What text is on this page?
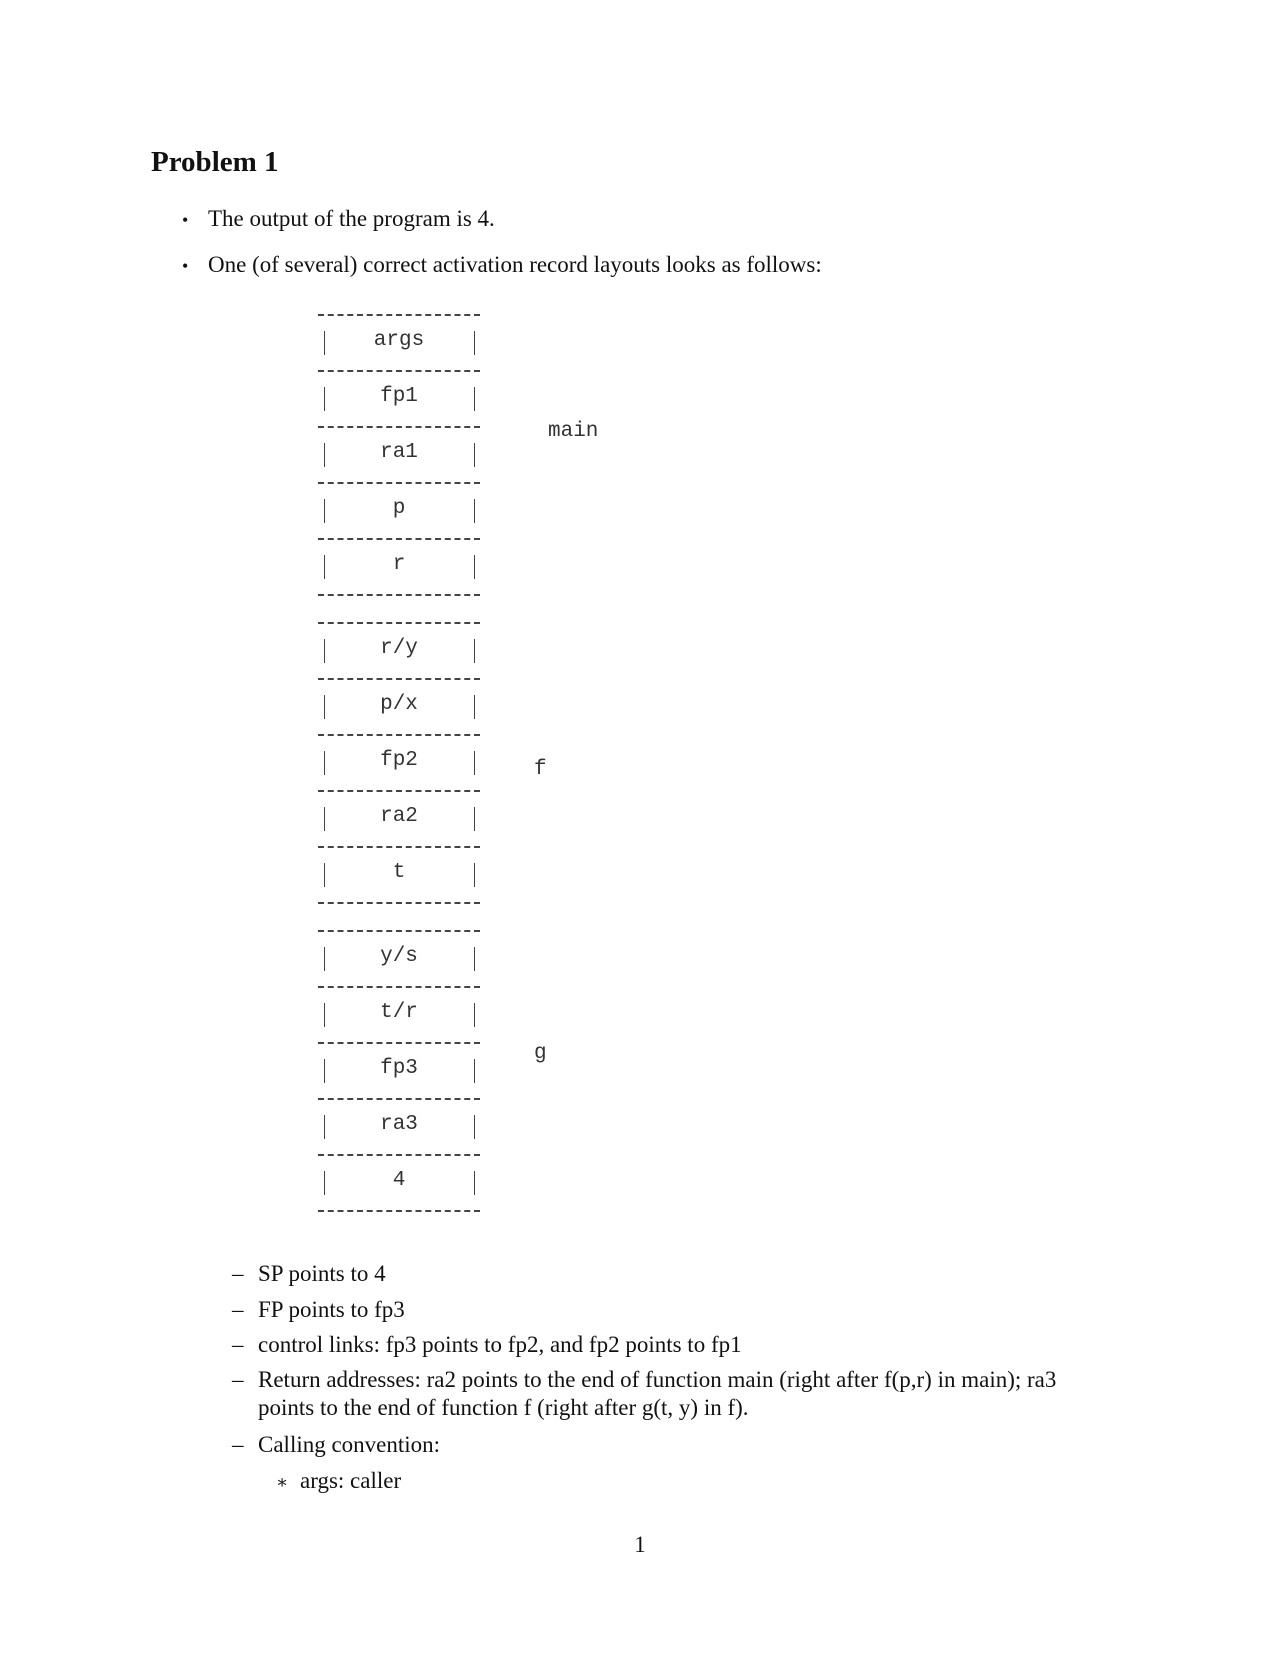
Problem 1
• The output of the program is 4.
• One (of several) correct activation record layouts looks as follows:
args
fp1
ra1
p
r
main
r/y
p/x
fp2
ra2
t
f
y/s
t/r
fp3
ra3
4
g
– SP points to 4
– FP points to fp3
– control links: fp3 points to fp2, and fp2 points to fp1
– Return addresses: ra2 points to the end of function main (right after f(p,r) in main); ra3
points to the end of function f (right after g(t, y) in f).
– Calling convention:
∗ args: caller
1
